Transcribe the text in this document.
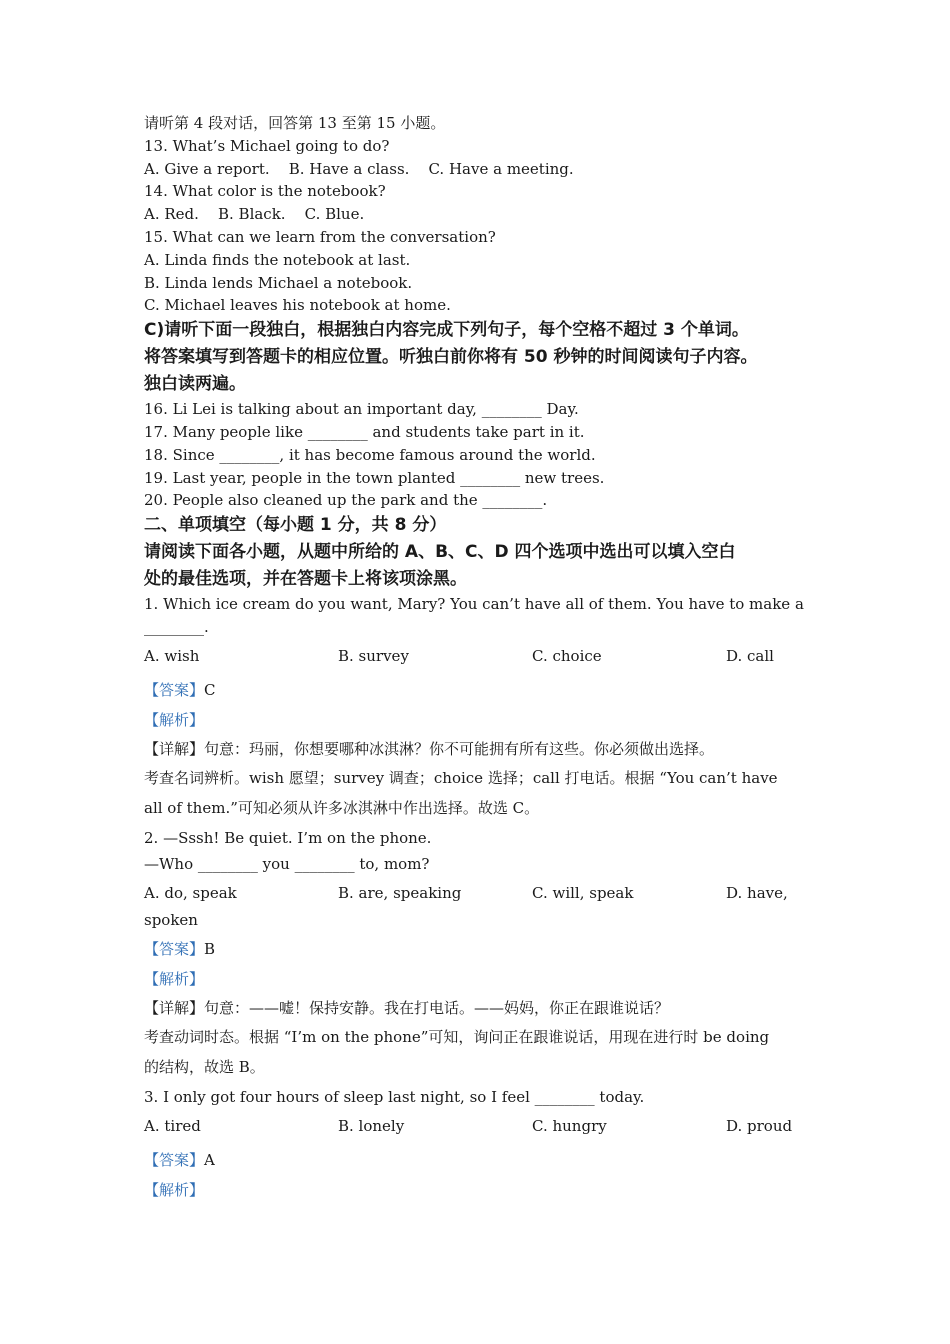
请听第 4 段对话，回答第 13 至第 15 小题。
13. What’s Michael going to do?
A. Give a report.    B. Have a class.    C. Have a meeting.
14. What color is the notebook?
A. Red.    B. Black.    C. Blue.
15. What can we learn from the conversation?
A. Linda finds the notebook at last.
B. Linda lends Michael a notebook.
C. Michael leaves his notebook at home.
C)请听下面一段独白，根据独白内容完成下列句子，每个空格不超过 3 个单词。
将答案填写到答题卡的相应位置。听独白前你将有 50 秒钟的时间阅读句子内容。
独白读两遍。
16. Li Lei is talking about an important day, ________ Day.
17. Many people like ________ and students take part in it.
18. Since ________, it has become famous around the world.
19. Last year, people in the town planted ________ new trees.
20. People also cleaned up the park and the ________.
二、单项填空（每小题 1 分，共 8 分）
请阅读下面各小题，从题中所给的 A、B、C、D 四个选项中选出可以填入空白
处的最佳选项，并在答题卡上将该项涂黑。
1. Which ice cream do you want, Mary? You can’t have all of them. You have to make a
________.
A. wish	B. survey	C. choice	D. call
【答案】C
【解析】
【详解】句意：玛丽，你想要哪种冰淇淋？你不可能拥有所有这些。你必须做出选择。
考查名词辨析。wish 愿望；survey 调查；choice 选择；call 打电话。根据 “You can’t have
all of them.”可知必须从许多冰淇淋中作出选择。故选 C。
2. —Sssh! Be quiet. I’m on the phone.
—Who ________ you ________ to, mom?
A. do, speak	B. are, speaking	C. will, speak	D. have,
spoken
【答案】B
【解析】
【详解】句意：——嘘！保持安静。我在打电话。——妈妈，你正在跟谁说话？
考查动词时态。根据 “I’m on the phone”可知，询问正在跟谁说话，用现在进行时 be doing
的结构，故选 B。
3. I only got four hours of sleep last night, so I feel ________ today.
A. tired	B. lonely	C. hungry	D. proud
【答案】A
【解析】
